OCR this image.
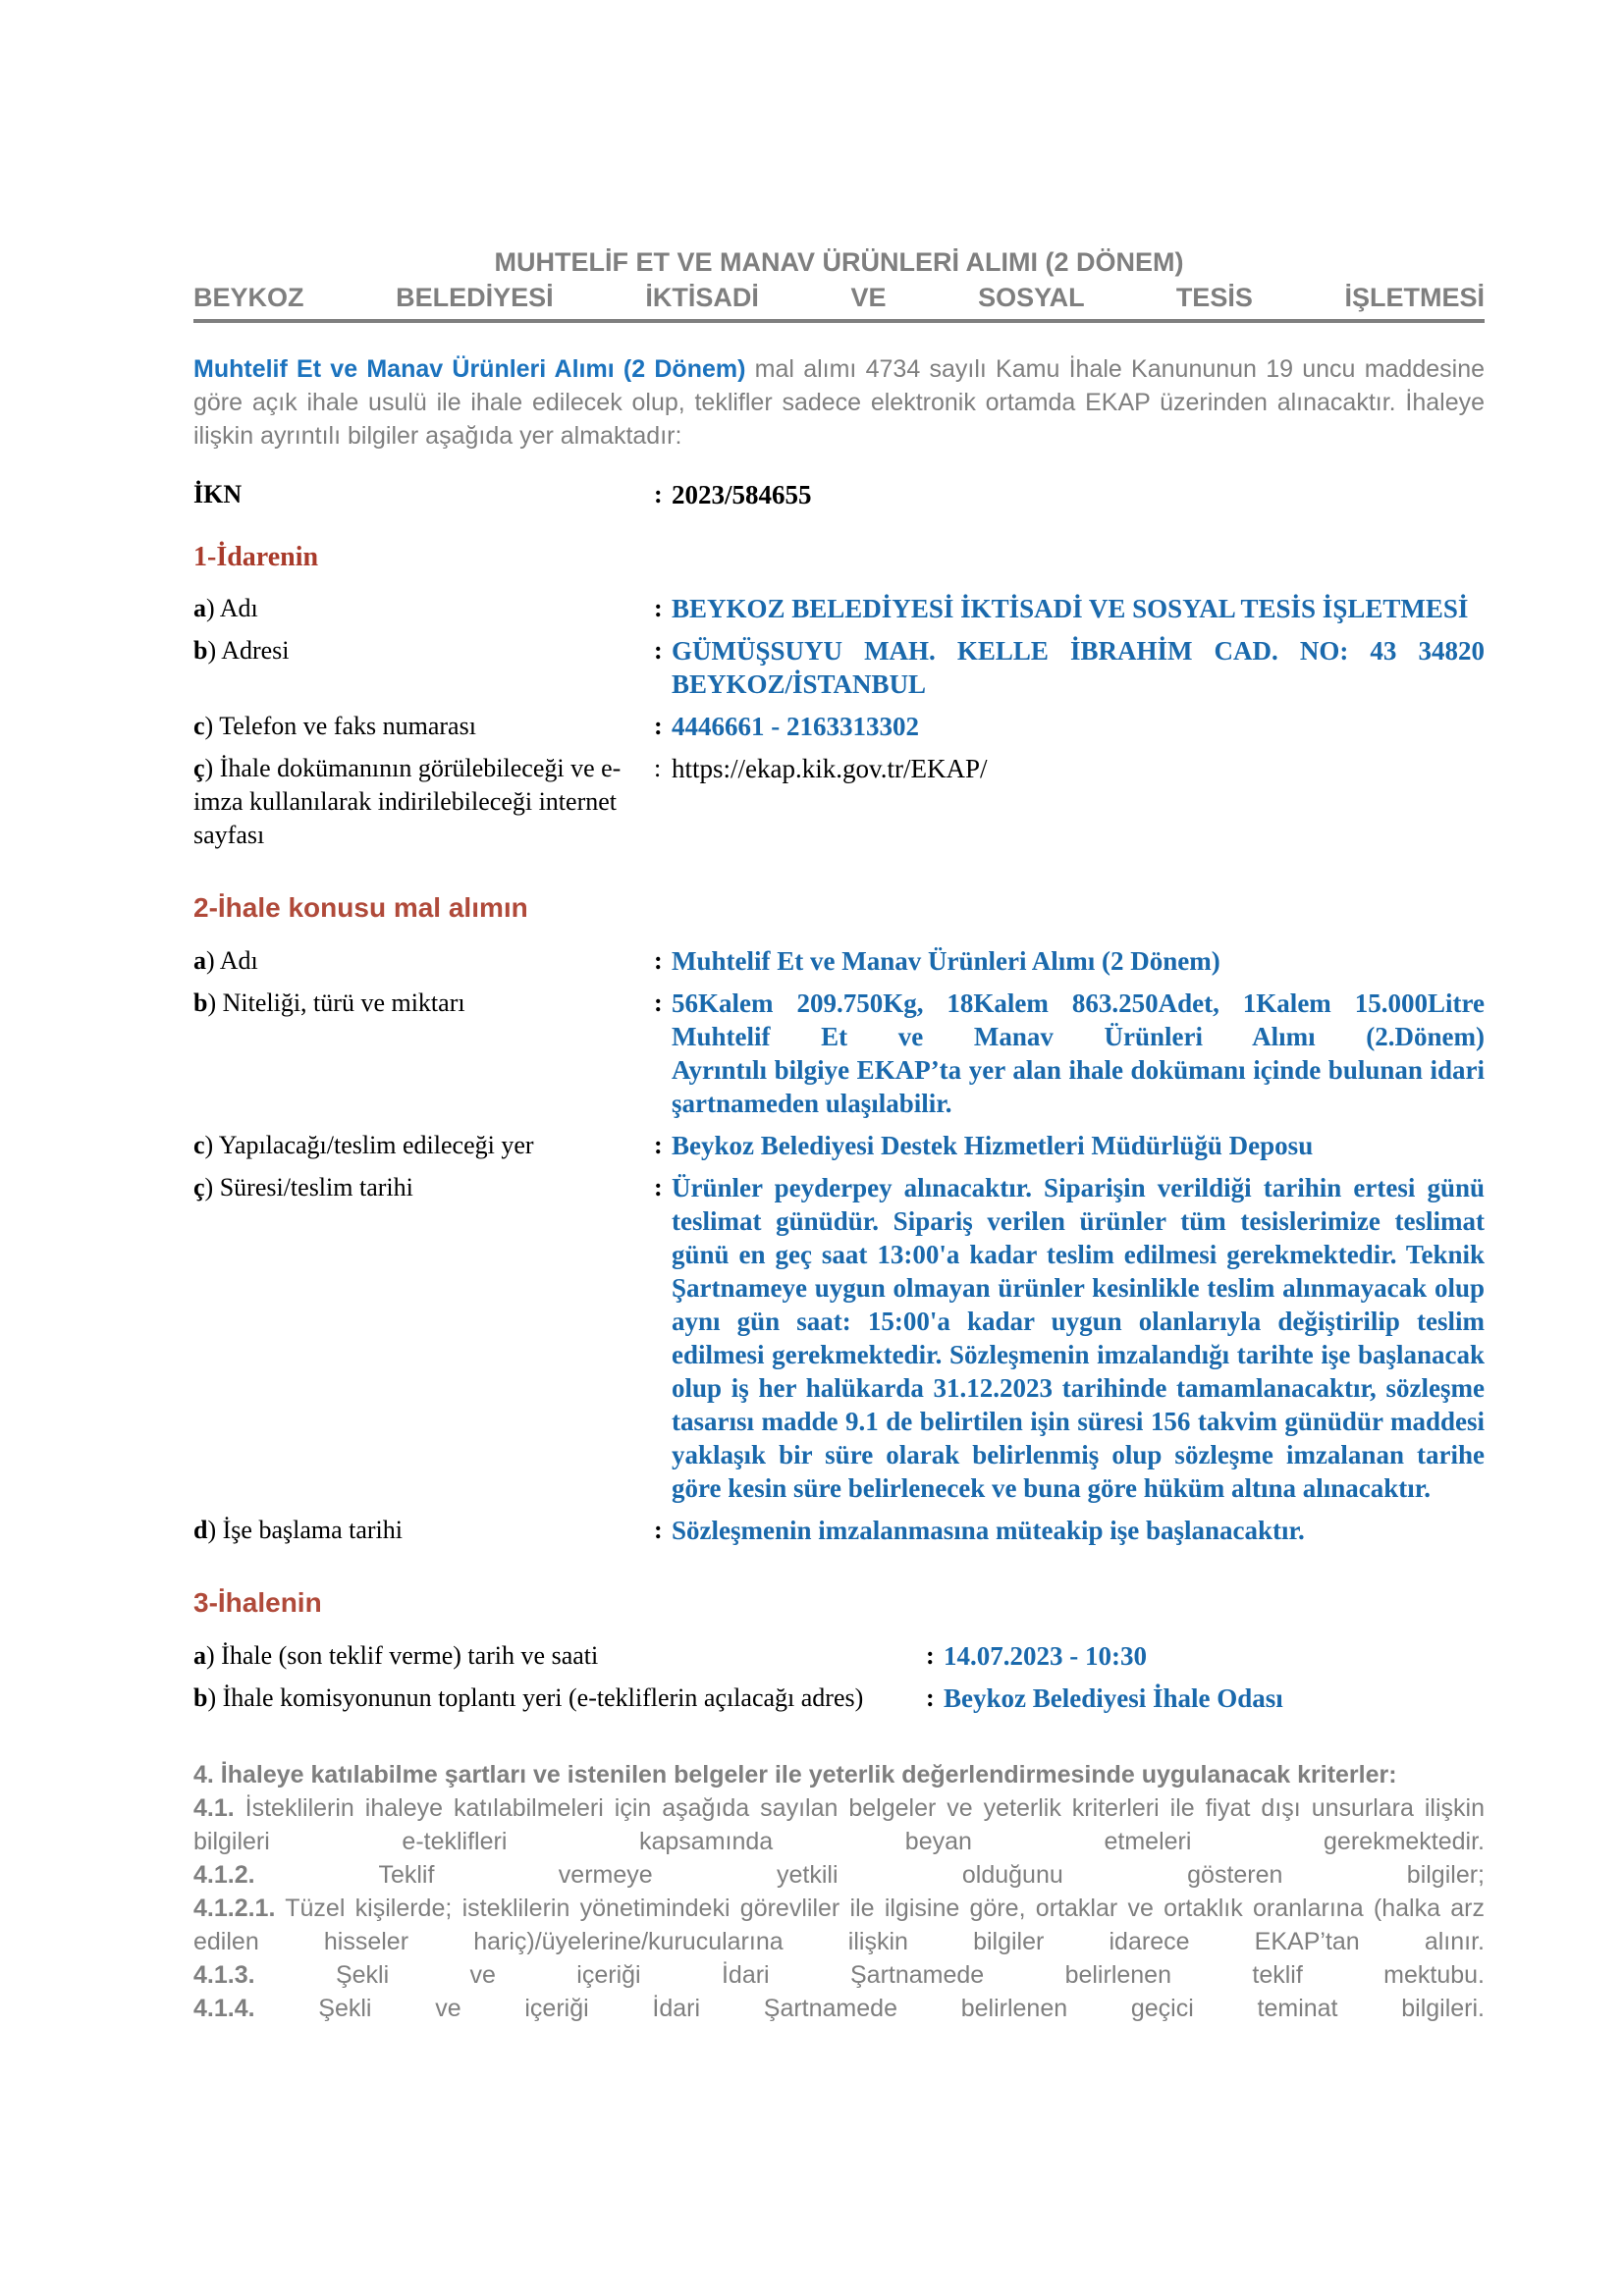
MUHTELİF ET VE MANAV ÜRÜNLERİ ALIMI (2 DÖNEM)

BEYKOZ BELEDİYESİ İKTİSADİ VE SOSYAL TESİS İŞLETMESİ

Muhtelif Et ve Manav Ürünleri Alımı (2 Dönem) mal alımı 4734 sayılı Kamu İhale Kanununun 19 uncu maddesine göre açık ihale usulü ile ihale edilecek olup, teklifler sadece elektronik ortamda EKAP üzerinden alınacaktır. İhaleye ilişkin ayrıntılı bilgiler aşağıda yer almaktadır:

İKN	: 2023/584655

1-İdarenin

a) Adı	: BEYKOZ BELEDİYESİ İKTİSADİ VE SOSYAL TESİS İŞLETMESİ

b) Adresi	: GÜMÜŞSUYU MAH. KELLE İBRAHİM CAD. NO: 43 34820 BEYKOZ/İSTANBUL

c) Telefon ve faks numarası	: 4446661 - 2163313302

ç) İhale dokümanının görülebileceği ve e-imza kullanılarak indirilebileceği internet sayfası
: https://ekap.kik.gov.tr/EKAP/

2-İhale konusu mal alımın

a) Adı	: Muhtelif Et ve Manav Ürünleri Alımı (2 Dönem)

b) Niteliği, türü ve miktarı	: 56Kalem 209.750Kg, 18Kalem 863.250Adet, 1Kalem 15.000Litre Muhtelif Et ve Manav Ürünleri Alımı (2.Dönem)

Ayrıntılı bilgiye EKAP’ta yer alan ihale dokümanı içinde bulunan idari şartnameden ulaşılabilir.

c) Yapılacağı/teslim edileceği yer	: Beykoz Belediyesi Destek Hizmetleri Müdürlüğü Deposu

ç) Süresi/teslim tarihi	: Ürünler peyderpey alınacaktır. Siparişin verildiği tarihin ertesi günü teslimat günüdür. Sipariş verilen ürünler tüm tesislerimize teslimat günü en geç saat 13:00'a kadar teslim edilmesi gerekmektedir. Teknik Şartnameye uygun olmayan ürünler kesinlikle teslim alınmayacak olup aynı gün saat: 15:00'a kadar uygun olanlarıyla değiştirilip teslim edilmesi gerekmektedir. Sözleşmenin imzalandığı tarihte işe başlanacak olup iş her halükarda 31.12.2023 tarihinde tamamlanacaktır, sözleşme tasarısı madde 9.1 de belirtilen işin süresi 156 takvim günüdür maddesi yaklaşık bir süre olarak belirlenmiş olup sözleşme imzalanan tarihe göre kesin süre belirlenecek ve buna göre hüküm altına alınacaktır.

d) İşe başlama tarihi	: Sözleşmenin imzalanmasına müteakip işe başlanacaktır.

3-İhalenin

a) İhale (son teklif verme) tarih ve saati	: 14.07.2023 - 10:30

b) İhale komisyonunun toplantı yeri (e-tekliflerin açılacağı adres)	: Beykoz Belediyesi İhale Odası

4. İhaleye katılabilme şartları ve istenilen belgeler ile yeterlik değerlendirmesinde uygulanacak kriterler:

4.1. İsteklilerin ihaleye katılabilmeleri için aşağıda sayılan belgeler ve yeterlik kriterleri ile fiyat dışı unsurlara ilişkin bilgileri e-teklifleri kapsamında beyan etmeleri gerekmektedir.

4.1.2. Teklif vermeye yetkili olduğunu gösteren bilgiler;

4.1.2.1. Tüzel kişilerde; isteklilerin yönetimindeki görevliler ile ilgisine göre, ortaklar ve ortaklık oranlarına (halka arz edilen hisseler hariç)/üyelerine/kurucularına ilişkin bilgiler idarece EKAP’tan alınır.

4.1.3. Şekli ve içeriği İdari Şartnamede belirlenen teklif mektubu.

4.1.4. Şekli ve içeriği İdari Şartnamede belirlenen geçici teminat bilgileri.
